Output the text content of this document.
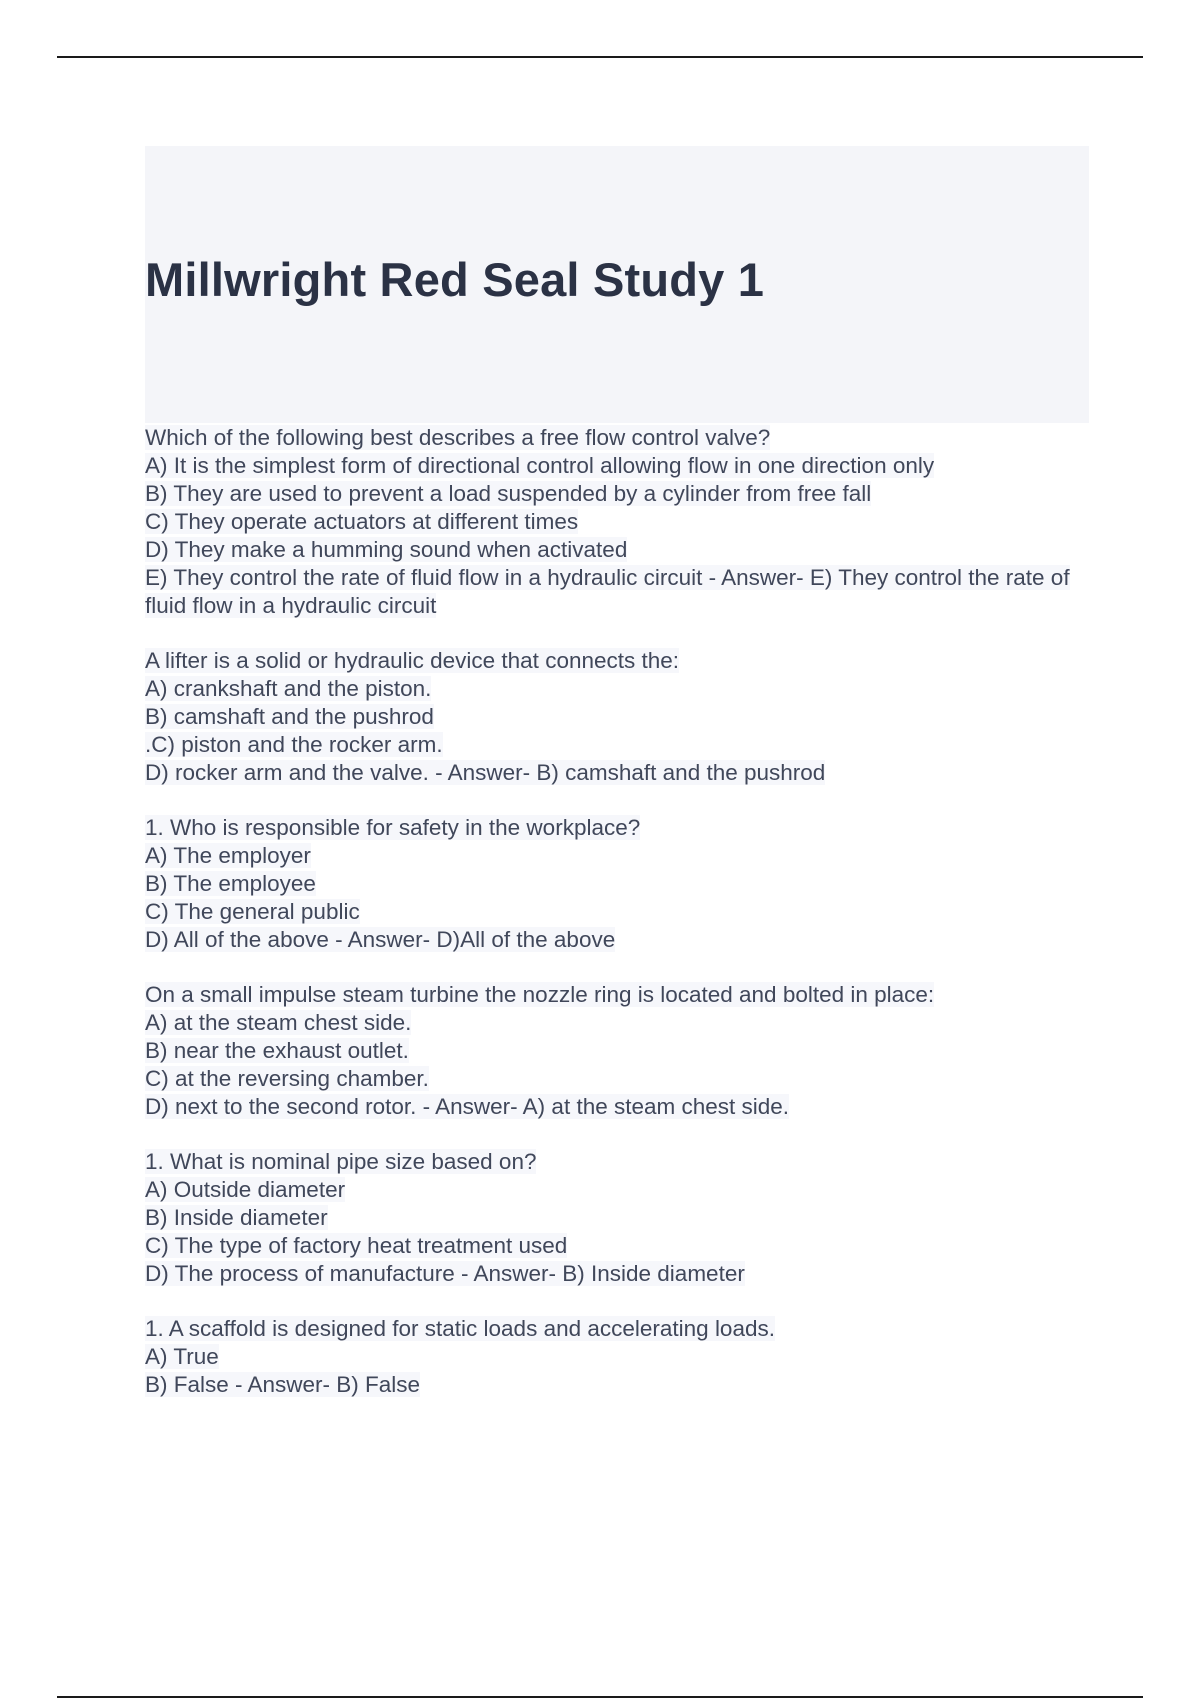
Millwright Red Seal Study 1
Which of the following best describes a free flow control valve?
A) It is the simplest form of directional control allowing flow in one direction only
B) They are used to prevent a load suspended by a cylinder from free fall
C) They operate actuators at different times
D) They make a humming sound when activated
E) They control the rate of fluid flow in a hydraulic circuit - Answer- E) They control the rate of fluid flow in a hydraulic circuit
A lifter is a solid or hydraulic device that connects the:
A) crankshaft and the piston.
B) camshaft and the pushrod
.C) piston and the rocker arm.
D) rocker arm and the valve. - Answer- B) camshaft and the pushrod
1. Who is responsible for safety in the workplace?
A) The employer
B) The employee
C) The general public
D) All of the above - Answer- D)All of the above
On a small impulse steam turbine the nozzle ring is located and bolted in place:
A) at the steam chest side.
B) near the exhaust outlet.
C) at the reversing chamber.
D) next to the second rotor. - Answer- A) at the steam chest side.
1. What is nominal pipe size based on?
A) Outside diameter
B) Inside diameter
C) The type of factory heat treatment used
D) The process of manufacture - Answer- B) Inside diameter
1. A scaffold is designed for static loads and accelerating loads.
A) True
B) False - Answer- B) False
